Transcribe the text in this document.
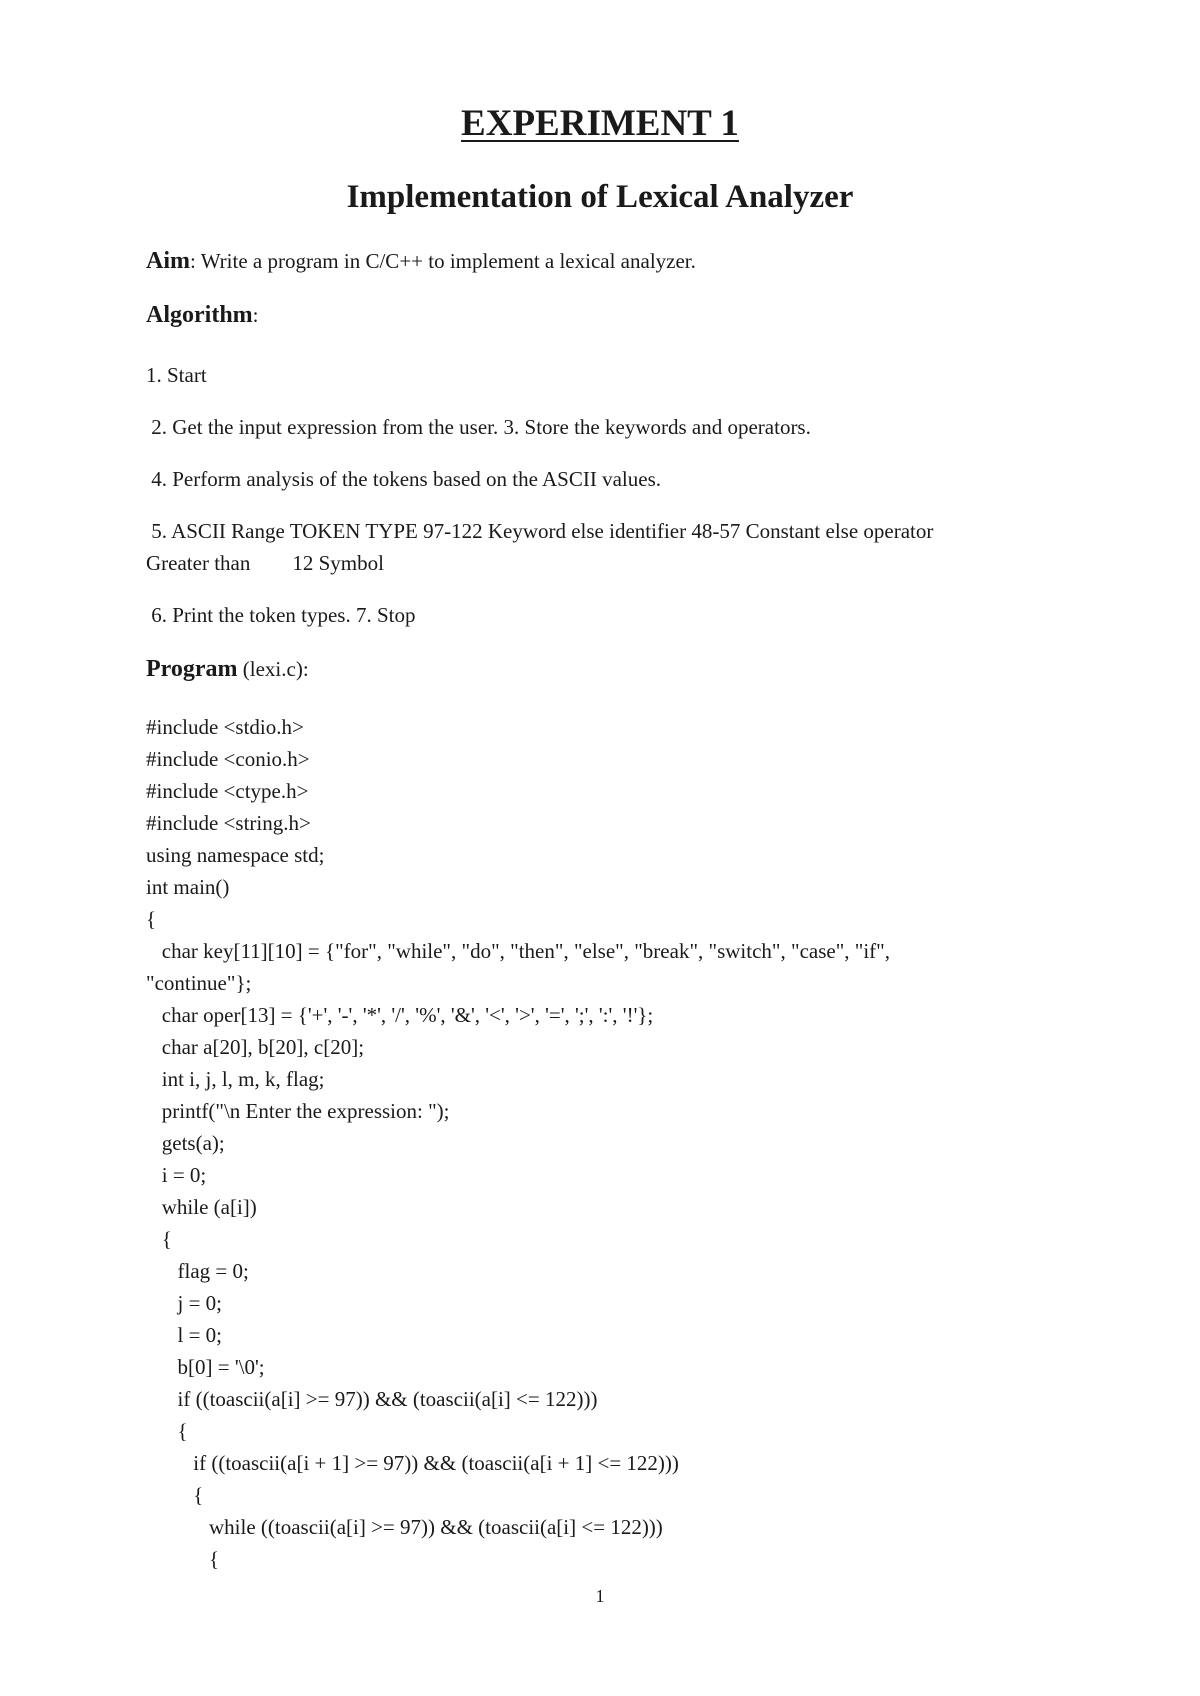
EXPERIMENT 1
Implementation of Lexical Analyzer

Aim: Write a program in C/C++ to implement a lexical analyzer.

Algorithm:

1. Start

2. Get the input expression from the user. 3. Store the keywords and operators.

4. Perform analysis of the tokens based on the ASCII values.

5. ASCII Range TOKEN TYPE 97-122 Keyword else identifier 48-57 Constant else operator

Greater than        12 Symbol

6. Print the token types. 7. Stop

Program (lexi.c):

#include <stdio.h>
#include <conio.h>
#include <ctype.h>
#include <string.h>
using namespace std;
int main()
{
char key[11][10] = {"for", "while", "do", "then", "else", "break", "switch", "case", "if",
"continue"};
char oper[13] = {'+', '-', '*', '/', '%', '&', '<', '>', '=', ';', ':', '!'};
char a[20], b[20], c[20];
int i, j, l, m, k, flag;
printf("\n Enter the expression: ");
gets(a);
i = 0;
while (a[i])
{
flag = 0;
j = 0;
l = 0;
b[0] = '\0';
if ((toascii(a[i] >= 97)) && (toascii(a[i] <= 122)))
{
if ((toascii(a[i + 1] >= 97)) && (toascii(a[i + 1] <= 122)))
{
while ((toascii(a[i] >= 97)) && (toascii(a[i] <= 122)))
{
1
